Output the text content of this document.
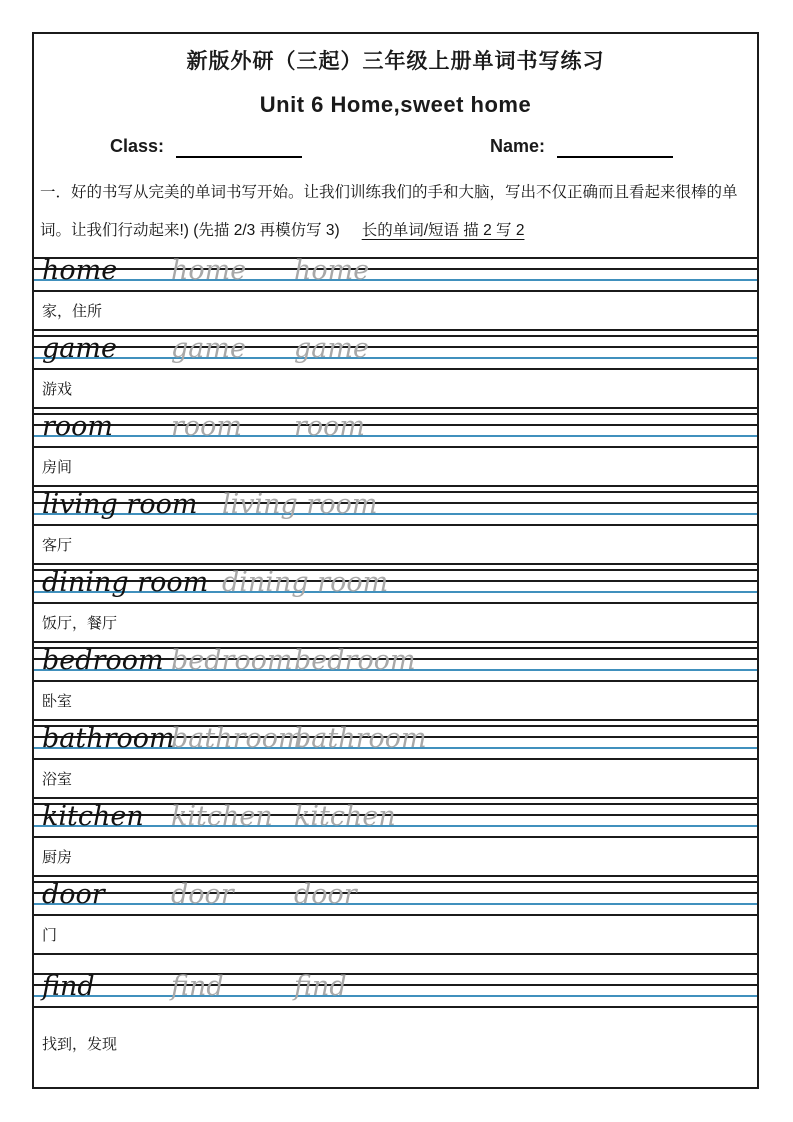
新版外研（三起）三年级上册单词书写练习
Unit 6 Home,sweet home
Class:	Name:
一．好的书写从完美的单词书写开始。让我们训练我们的手和大脑，写出不仅正确而且看起来很棒的单词。让我们行动起来!) (先描 2/3 再模仿写 3) 长的单词/短语 描 2 写 2
home home home
家，住所
game game game
游戏
room room room
房间
living room living room
客厅
dining room dining room
饭厅，餐厅
bedroom bedroom bedroom
卧室
bathroom
bathroom
bathroom
浴室
kitchen kitchen kitchen
厨房
door door door
门
find	find	find
找到，发现
